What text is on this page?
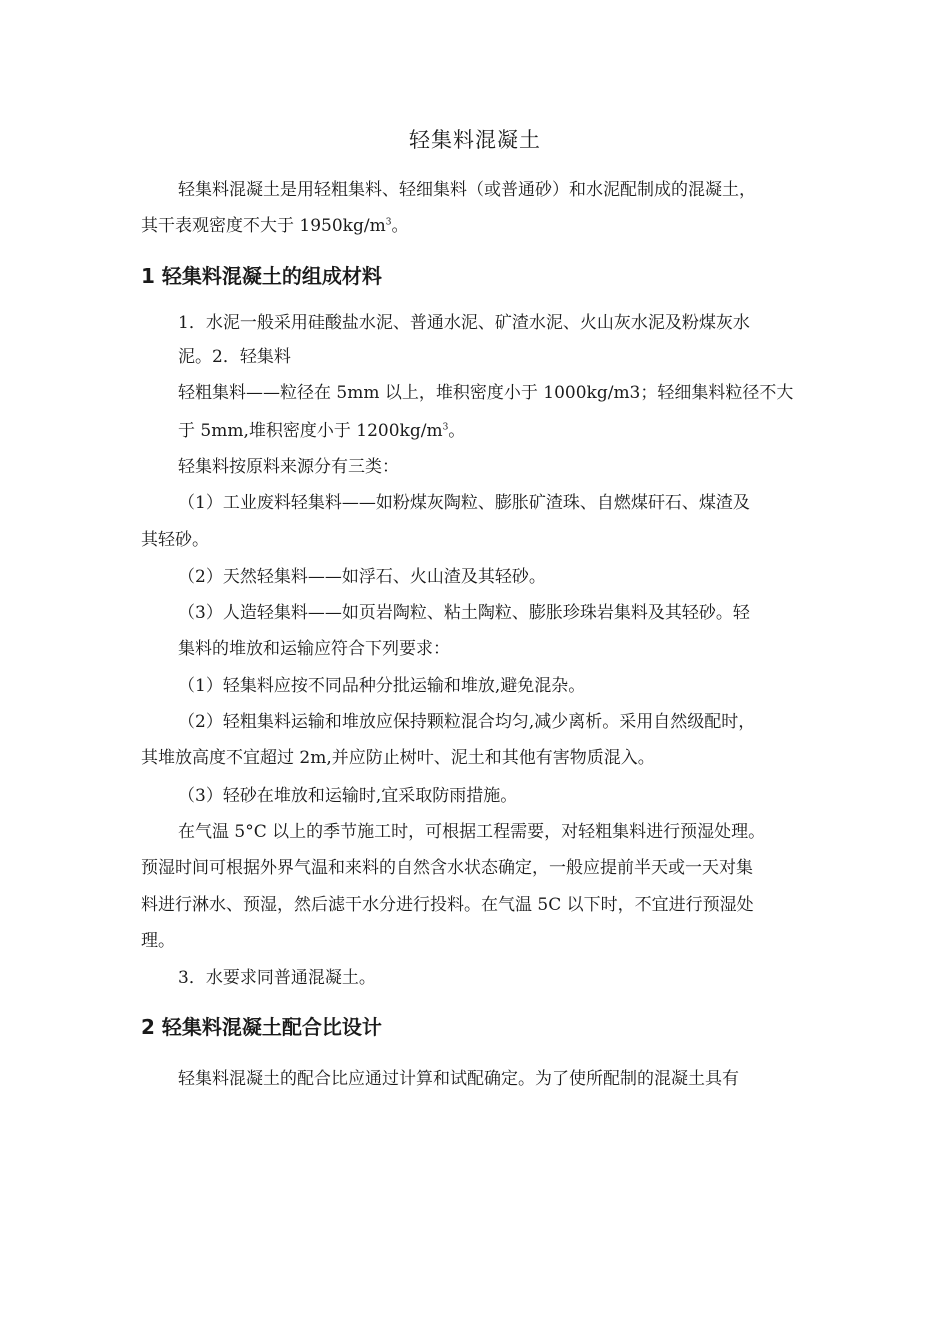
轻集料混凝土
轻集料混凝土是用轻粗集料、轻细集料（或普通砂）和水泥配制成的混凝土，
其干表观密度不大于 $1950kg/m^3$。
1 轻集料混凝土的组成材料
1．水泥一般采用硅酸盐水泥、普通水泥、矿渣水泥、火山灰水泥及粉煤灰水
泥。2．轻集料
轻粗集料——粒径在 5mm 以上，堆积密度小于 1000kg/m3；轻细集料粒径不大
于 5mm,堆积密度小于 $1200kg/m^3$。
轻集料按原料来源分有三类：
（1）工业废料轻集料——如粉煤灰陶粒、膨胀矿渣珠、自燃煤矸石、煤渣及
其轻砂。
（2）天然轻集料——如浮石、火山渣及其轻砂。
（3）人造轻集料——如页岩陶粒、粘土陶粒、膨胀珍珠岩集料及其轻砂。轻
集料的堆放和运输应符合下列要求：
（1）轻集料应按不同品种分批运输和堆放,避免混杂。
（2）轻粗集料运输和堆放应保持颗粒混合均匀,减少离析。采用自然级配时，
其堆放高度不宜超过 2m,并应防止树叶、泥土和其他有害物质混入。
（3）轻砂在堆放和运输时,宜采取防雨措施。
在气温 5°C 以上的季节施工时，可根据工程需要，对轻粗集料进行预湿处理。
预湿时间可根据外界气温和来料的自然含水状态确定，一般应提前半天或一天对集
料进行淋水、预湿，然后滤干水分进行投料。在气温 5C 以下时，不宜进行预湿处
理。
3．水要求同普通混凝土。
2 轻集料混凝土配合比设计
轻集料混凝土的配合比应通过计算和试配确定。为了使所配制的混凝土具有
